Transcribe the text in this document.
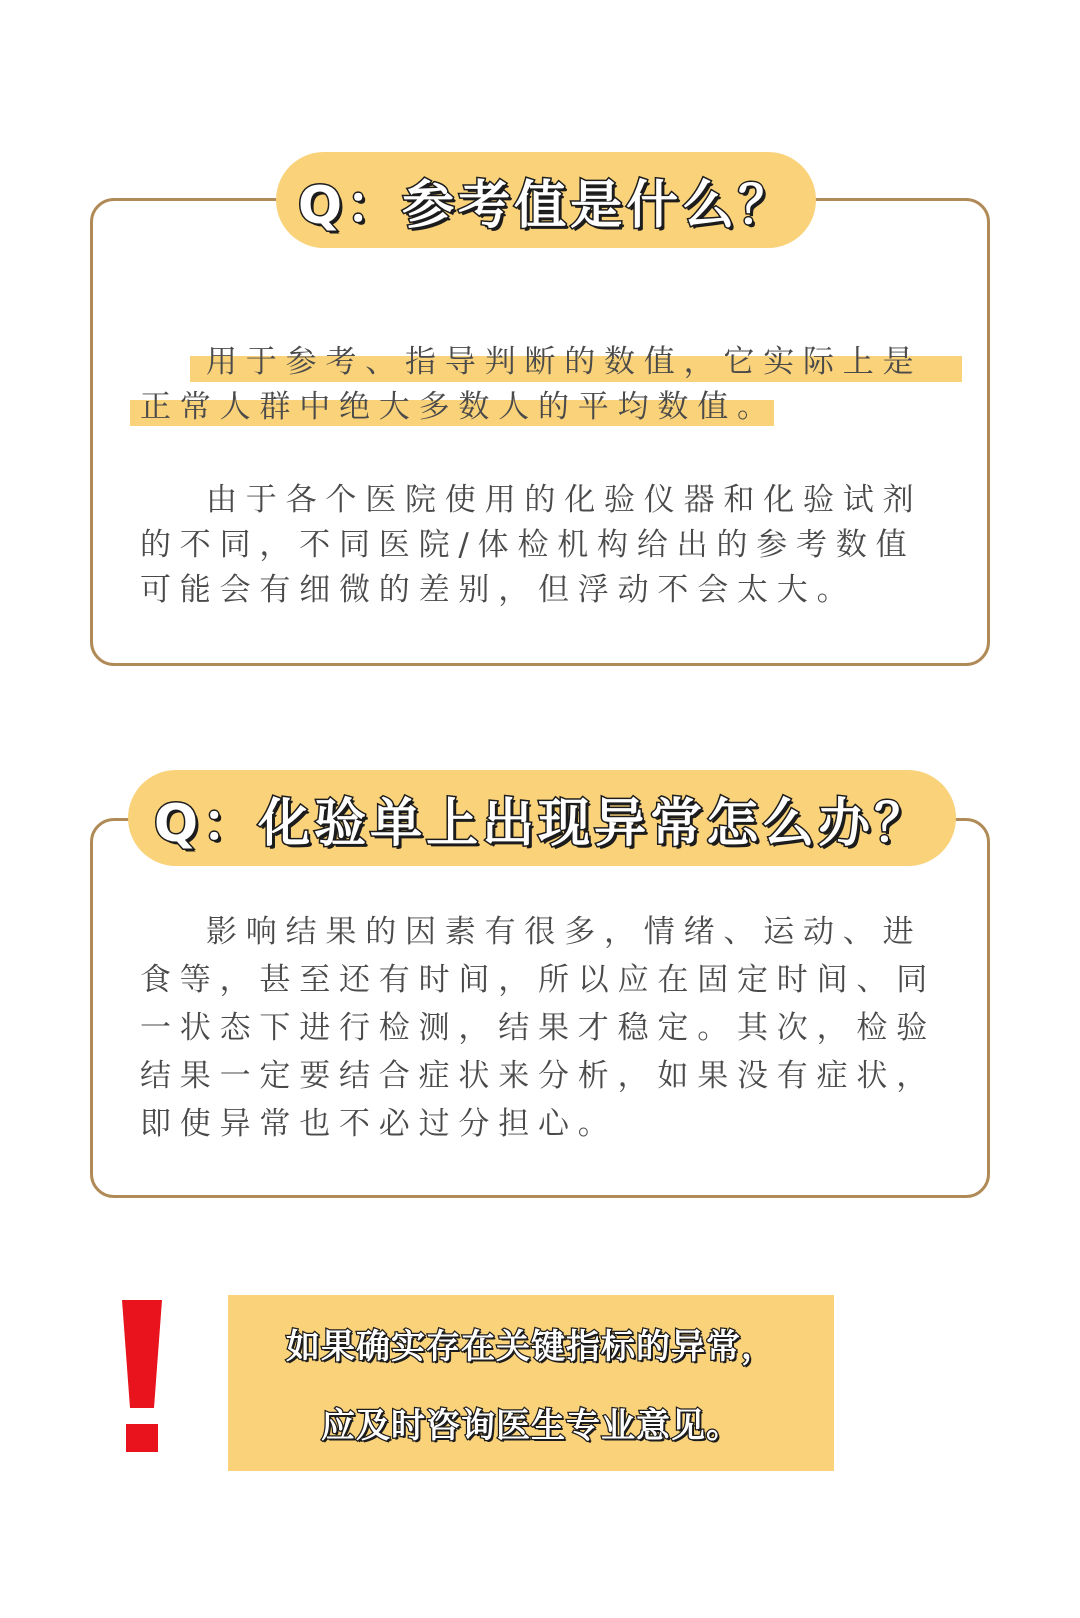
用于参考、指导判断的数值，它实际上是正常人群中绝大多数人的平均数值。

由于各个医院使用的化验仪器和化验试剂的不同，不同医院/体检机构给出的参考数值可能会有细微的差别，但浮动不会太大。

Q：参考值是什么？

影响结果的因素有很多，情绪、运动、进食等，甚至还有时间，所以应在固定时间、同一状态下进行检测，结果才稳定。其次，检验结果一定要结合症状来分析，如果没有症状，即使异常也不必过分担心。

Q：化验单上出现异常怎么办？
如果确实存在关键指标的异常，
应及时咨询医生专业意见。
